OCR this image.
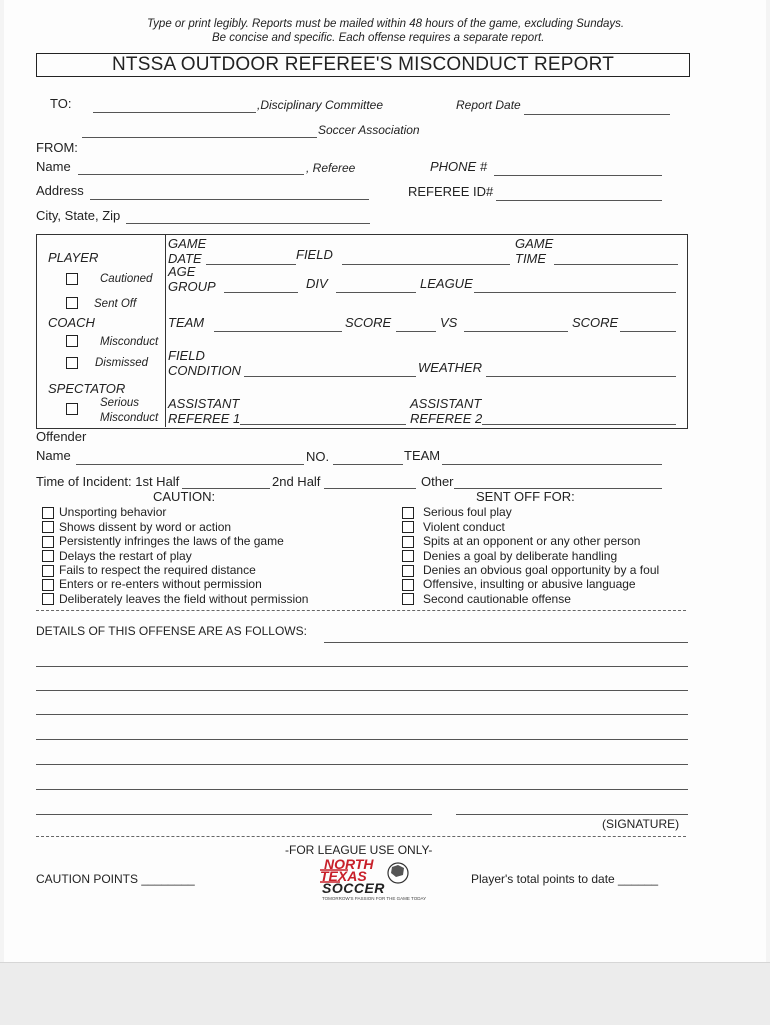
Type or print legibly. Reports must be mailed within 48 hours of the game, excluding Sundays.
Be concise and specific. Each offense requires a separate report.
NTSSA OUTDOOR REFEREE'S MISCONDUCT REPORT
TO:	,Disciplinary Committee	Report Date
Soccer Association
FROM:
Name	, Referee	PHONE #
Address	REFEREE ID#
City, State, Zip
PLAYER
Cautioned
Sent Off
COACH
Misconduct
Dismissed
SPECTATOR
Serious
Misconduct
GAME
DATE	FIELD
GAME
TIME
AGE
GROUP	DIV	LEAGUE
TEAM	SCORE	VS	SCORE
FIELD
CONDITION	WEATHER
ASSISTANT
REFEREE 1
ASSISTANT
REFEREE 2
Offender
Name	NO.	TEAM
Time of Incident: 1st Half	2nd Half	Other
CAUTION:
Unsporting behavior
Shows dissent by word or action
Persistently infringes the laws of the game
Delays the restart of play
Fails to respect the required distance
Enters or re-enters without permission
Deliberately leaves the field without permission
SENT OFF FOR:
Serious foul play
Violent conduct
Spits at an opponent or any other person
Denies a goal by deliberate handling
Denies an obvious goal opportunity by a foul
Offensive, insulting or abusive language
Second cautionable offense
DETAILS OF THIS OFFENSE ARE AS FOLLOWS:
(SIGNATURE)
-FOR LEAGUE USE ONLY-
CAUTION POINTS ________	Player's total points to date ______
NORTH
TEXAS
SOCCER
TOMORROW'S PASSION FOR THE GAME TODAY
